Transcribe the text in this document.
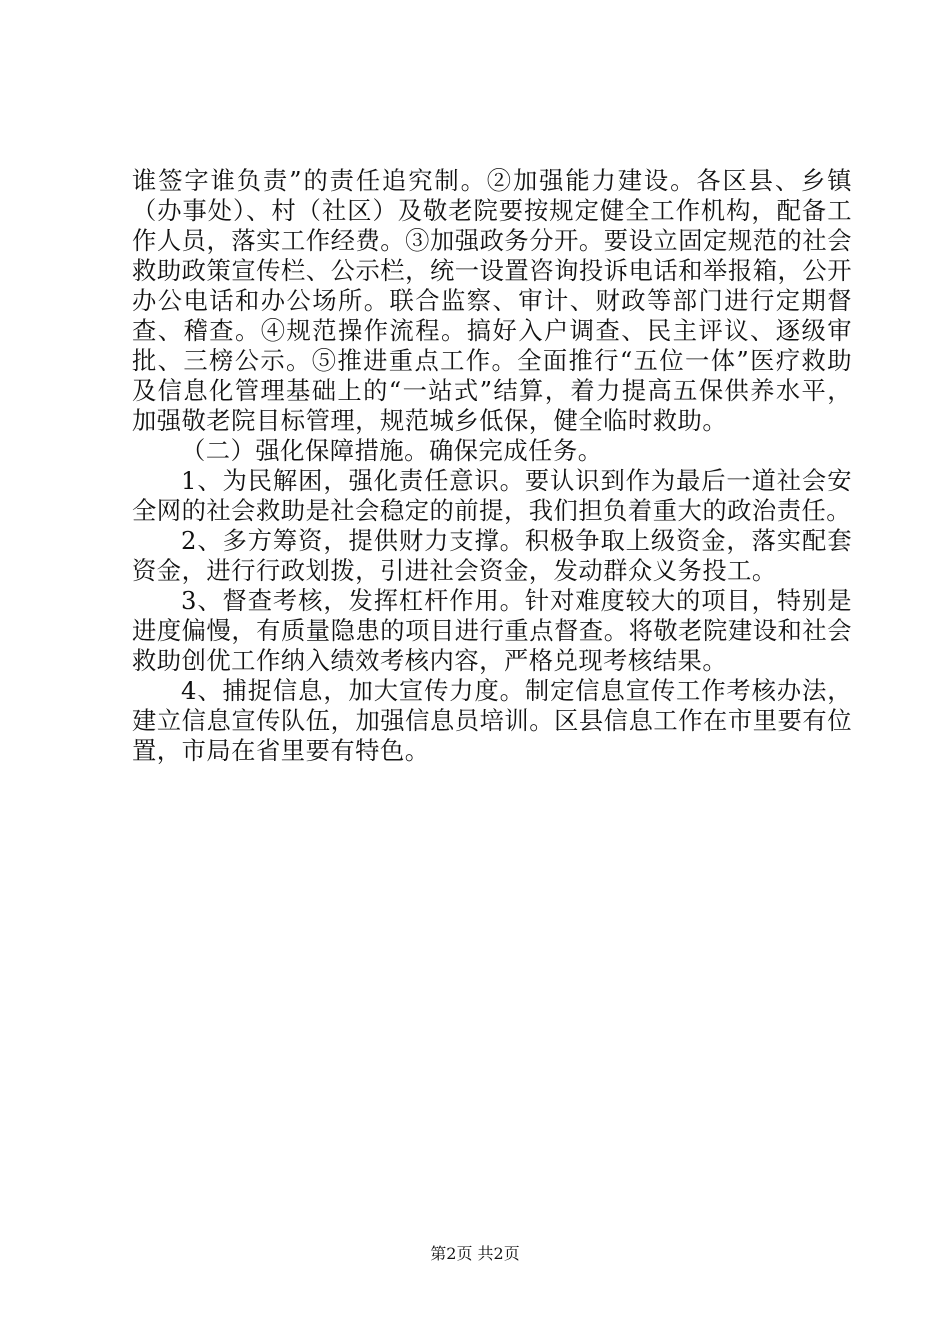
谁签字谁负责”的责任追究制。②加强能力建设。各区县、乡镇（办事处）、村（社区）及敬老院要按规定健全工作机构，配备工作人员，落实工作经费。③加强政务分开。要设立固定规范的社会救助政策宣传栏、公示栏，统一设置咨询投诉电话和举报箱，公开办公电话和办公场所。联合监察、审计、财政等部门进行定期督查、稽查。④规范操作流程。搞好入户调查、民主评议、逐级审批、三榜公示。⑤推进重点工作。全面推行“五位一体”医疗救助及信息化管理基础上的“一站式”结算，着力提高五保供养水平，加强敬老院目标管理，规范城乡低保，健全临时救助。

（二）强化保障措施。确保完成任务。

1、为民解困，强化责任意识。要认识到作为最后一道社会安全网的社会救助是社会稳定的前提，我们担负着重大的政治责任。

2、多方筹资，提供财力支撑。积极争取上级资金，落实配套资金，进行行政划拨，引进社会资金，发动群众义务投工。

3、督查考核，发挥杠杆作用。针对难度较大的项目，特别是进度偏慢，有质量隐患的项目进行重点督查。将敬老院建设和社会救助创优工作纳入绩效考核内容，严格兑现考核结果。

4、捕捉信息，加大宣传力度。制定信息宣传工作考核办法，建立信息宣传队伍，加强信息员培训。区县信息工作在市里要有位置，市局在省里要有特色。

第2页 共2页
